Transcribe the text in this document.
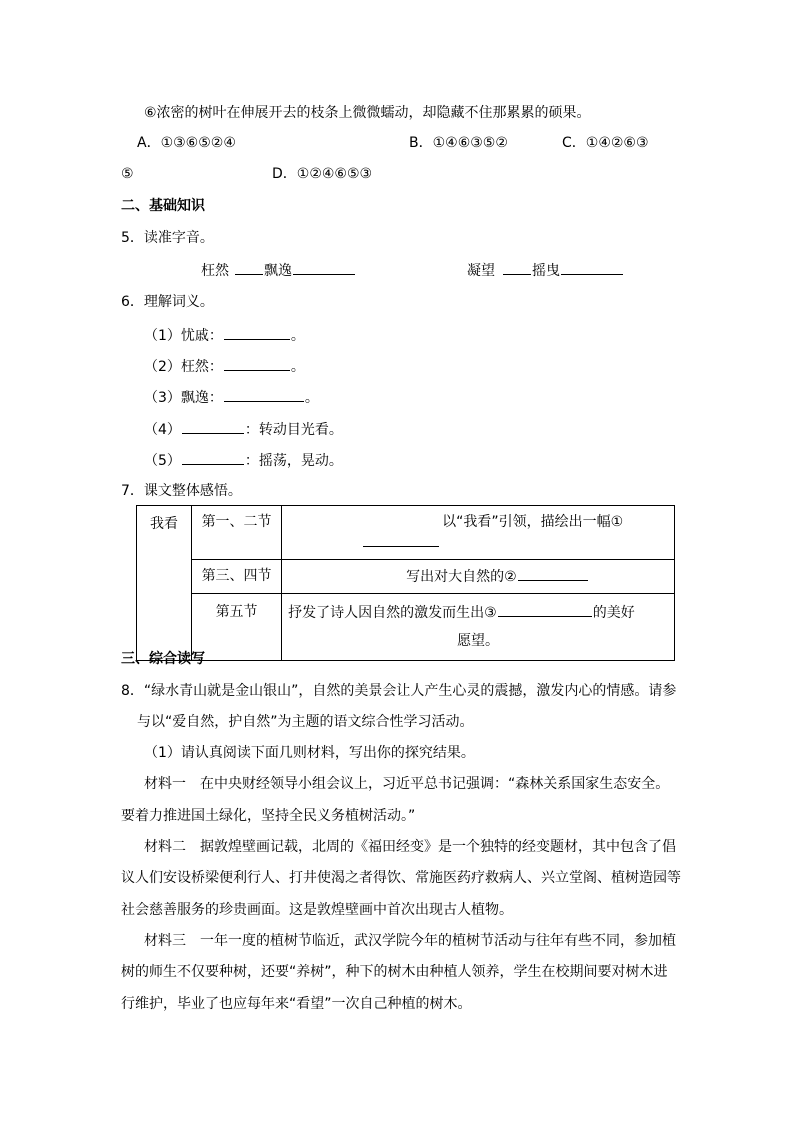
⑥浓密的树叶在伸展开去的枝条上微微蠕动，却隐藏不住那累累的硕果。
A．①③⑥⑤②④	B．①④⑥③⑤②	C．①④②⑥③
⑤	D．①②④⑥⑤③
二、基础知识
5．读准字音。
枉然	飘逸	凝望	摇曳
6．理解词义。
（1）忧戚：	。
（2）枉然：	。
（3）飘逸：	。
（4）	：转动目光看。
（5）	：摇荡，晃动。
7．课文整体感悟。
我看	第一、二节	以“我看”引领，描绘出一幅①
	第三、四节	写出对大自然的②
	第五节	抒发了诗人因自然的激发而生出③ 的美好
愿望。
三、综合读写
8．“绿水青山就是金山银山”，自然的美景会让人产生心灵的震撼，激发内心的情感。请参
与以“爱自然，护自然”为主题的语文综合性学习活动。
（1）请认真阅读下面几则材料，写出你的探究结果。
材料一　在中央财经领导小组会议上，习近平总书记强调：“森林关系国家生态安全。
要着力推进国土绿化，坚持全民义务植树活动。”
材料二　据敦煌壁画记载，北周的《福田经变》是一个独特的经变题材，其中包含了倡
议人们安设桥梁便利行人、打井使渴之者得饮、常施医药疗救病人、兴立堂阁、植树造园等
社会慈善服务的珍贵画面。这是敦煌壁画中首次出现古人植物。
材料三　一年一度的植树节临近，武汉学院今年的植树节活动与往年有些不同，参加植
树的师生不仅要种树，还要“养树”，种下的树木由种植人领养，学生在校期间要对树木进
行维护，毕业了也应每年来“看望”一次自己种植的树木。
